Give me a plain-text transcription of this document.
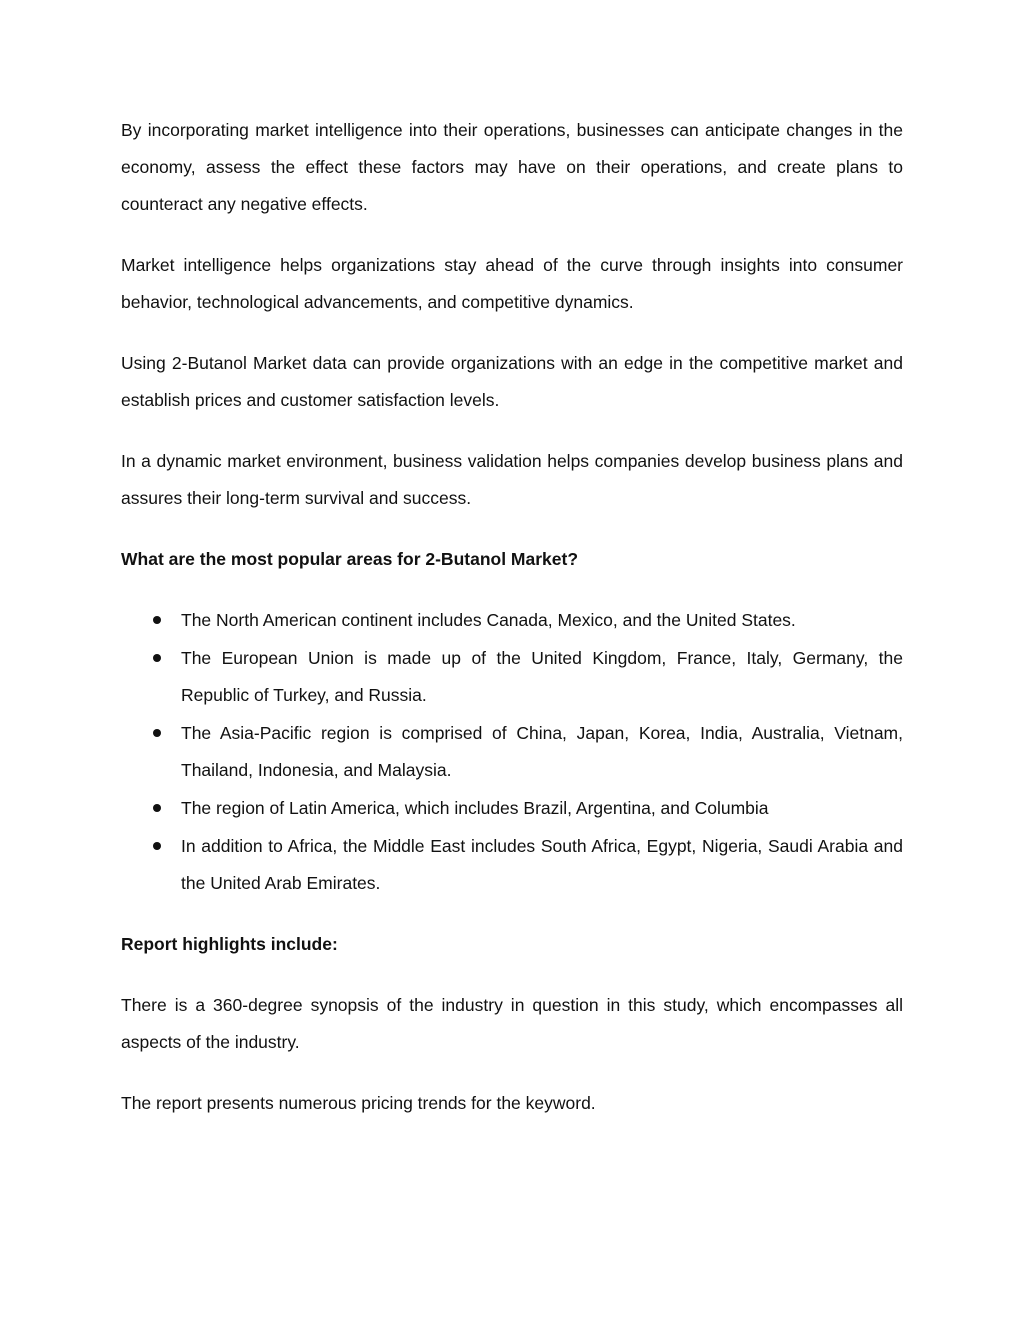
By incorporating market intelligence into their operations, businesses can anticipate changes in the economy, assess the effect these factors may have on their operations, and create plans to counteract any negative effects.

Market intelligence helps organizations stay ahead of the curve through insights into consumer behavior, technological advancements, and competitive dynamics.

Using 2-Butanol Market data can provide organizations with an edge in the competitive market and establish prices and customer satisfaction levels.

In a dynamic market environment, business validation helps companies develop business plans and assures their long-term survival and success.

What are the most popular areas for 2-Butanol Market?

The North American continent includes Canada, Mexico, and the United States.
The European Union is made up of the United Kingdom, France, Italy, Germany, the Republic of Turkey, and Russia.
The Asia-Pacific region is comprised of China, Japan, Korea, India, Australia, Vietnam, Thailand, Indonesia, and Malaysia.
The region of Latin America, which includes Brazil, Argentina, and Columbia
In addition to Africa, the Middle East includes South Africa, Egypt, Nigeria, Saudi Arabia and the United Arab Emirates.

Report highlights include:

There is a 360-degree synopsis of the industry in question in this study, which encompasses all aspects of the industry.

The report presents numerous pricing trends for the keyword.
